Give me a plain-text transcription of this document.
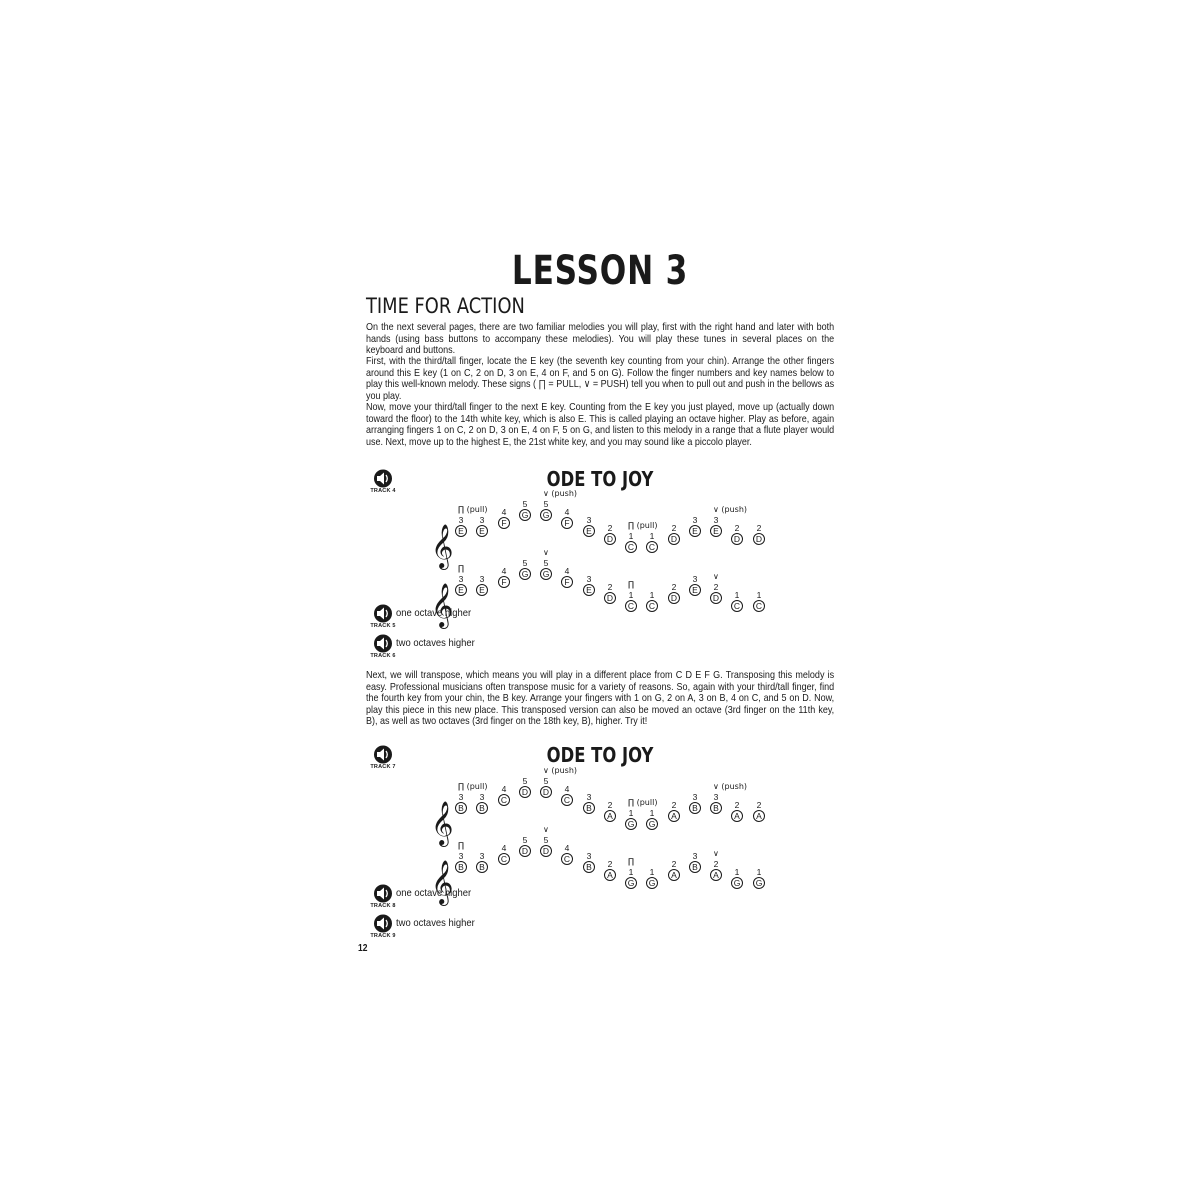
LESSON 3
TIME FOR ACTION

On the next several pages, there are two familiar melodies you will play, first with the right hand and later with both hands (using bass buttons to accompany these melodies). You will play these tunes in several places on the keyboard and buttons.

First, with the third/tall finger, locate the E key (the seventh key counting from your chin). Arrange the other fingers around this E key (1 on C, 2 on D, 3 on E, 4 on F, and 5 on G). Follow the finger numbers and key names below to play this well-known melody. These signs ( ∏ = PULL, ∨ = PUSH) tell you when to pull out and push in the bellows as you play.

Now, move your third/tall finger to the next E key. Counting from the E key you just played, move up (actually down toward the floor) to the 14th white key, which is also E. This is called playing an octave higher. Play as before, again arranging fingers 1 on C, 2 on D, 3 on E, 4 on F, 5 on G, and listen to this melody in a range that a flute player would use. Next, move up to the highest E, the 21st white key, and you may sound like a piccolo player.

TRACK 4	ODE TO JOY
TRACK 5
one octave higher
TRACK 6
two octaves higher

Next, we will transpose, which means you will play in a different place from C D E F G. Transposing this melody is easy. Professional musicians often transpose music for a variety of reasons. So, again with your third/tall finger, find the fourth key from your chin, the B key. Arrange your fingers with 1 on G, 2 on A, 3 on B, 4 on C, and 5 on D. Now, play this piece in this new place. This transposed version can also be moved an octave (3rd finger on the 11th key, B), as well as two octaves (3rd finger on the 18th key, B), higher. Try it!

TRACK 7	ODE TO JOY
TRACK 8
one octave higher
TRACK 9
two octaves higher
𝄞
3
E
3
E
4
F
5
G
5
G 4
F 3
E 2
D 1
C
1
C
2
D
3
E
3
E 2
D
2
D
∏ (pull)
∨ (push)
∏ (pull)
∨ (push)
𝄞
3
E
3
E
4
F
5
G
5
G 4
F 3
E 2
D 1
C
1
C
2
D
3
E 2
D 1
C
1
C
∏
∨
∏
∨
𝄞
3
B
3
B
4
C
5
D
5
D 4
C 3
B 2
A 1
G
1
G
2
A
3
B
3
B 2
A
2
A
∏ (pull)
∨ (push)
∏ (pull)
∨ (push)
𝄞
3
B
3
B
4
C
5
D
5
D 4
C 3
B 2
A 1
G
1
G
2
A
3
B 2
A 1
G
1
G
∏
∨
∏
∨
12
